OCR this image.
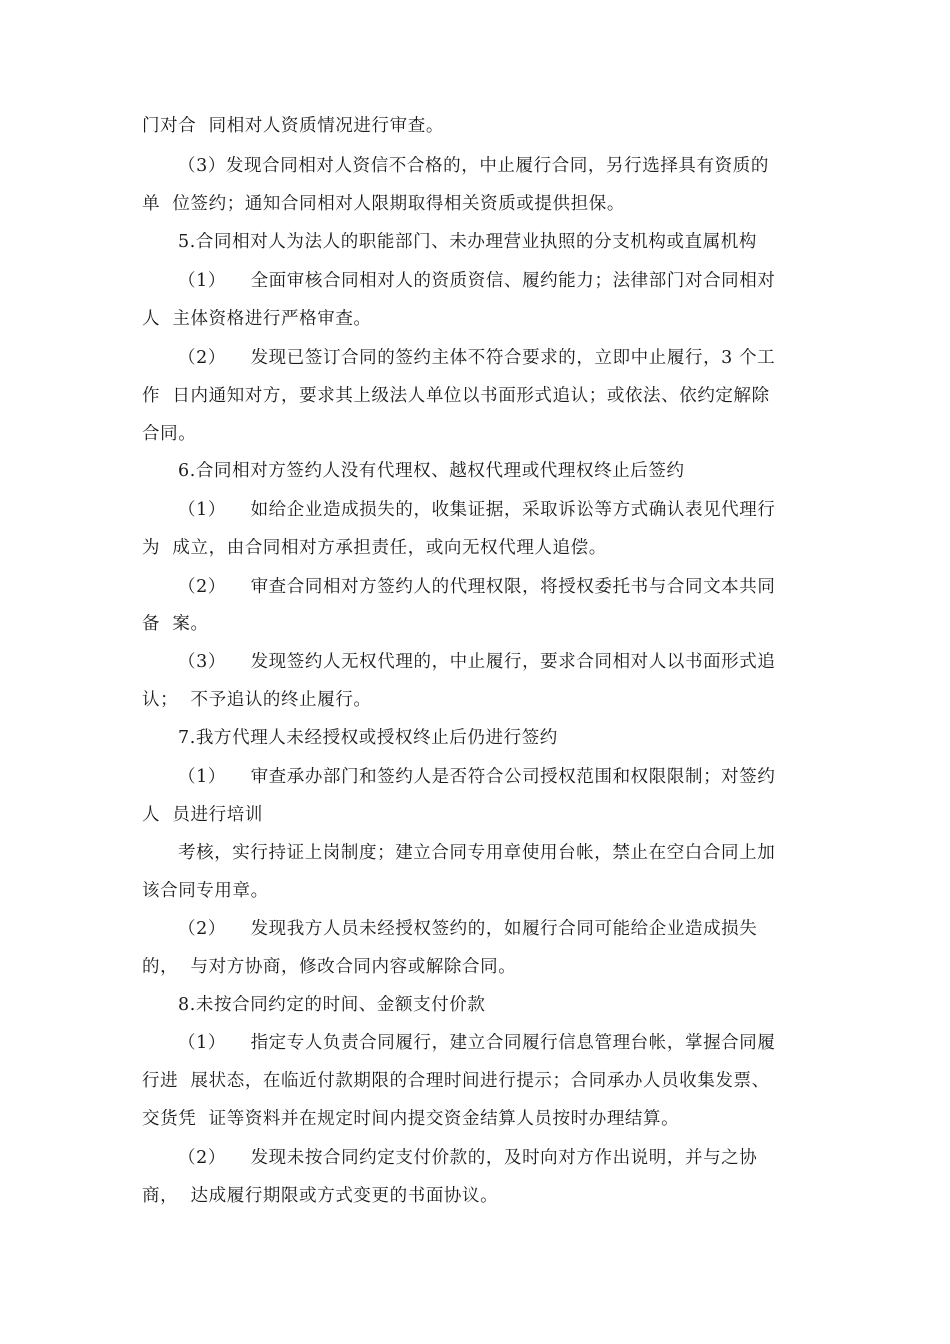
门对合  同相对人资质情况进行审查。
（3）发现合同相对人资信不合格的，中止履行合同，另行选择具有资质的
单  位签约；通知合同相对人限期取得相关资质或提供担保。
5.合同相对人为法人的职能部门、未办理营业执照的分支机构或直属机构
（1）    全面审核合同相对人的资质资信、履约能力；法律部门对合同相对
人  主体资格进行严格审查。
（2）    发现已签订合同的签约主体不符合要求的，立即中止履行，3 个工
作  日内通知对方，要求其上级法人单位以书面形式追认；或依法、依约定解除
合同。
6.合同相对方签约人没有代理权、越权代理或代理权终止后签约
（1）    如给企业造成损失的，收集证据，采取诉讼等方式确认表见代理行
为  成立，由合同相对方承担责任，或向无权代理人追偿。
（2）    审查合同相对方签约人的代理权限，将授权委托书与合同文本共同
备  案。
（3）    发现签约人无权代理的，中止履行，要求合同相对人以书面形式追
认；  不予追认的终止履行。
7.我方代理人未经授权或授权终止后仍进行签约
（1）    审查承办部门和签约人是否符合公司授权范围和权限限制；对签约
人  员进行培训
考核，实行持证上岗制度；建立合同专用章使用台帐，禁止在空白合同上加
该合同专用章。
（2）    发现我方人员未经授权签约的，如履行合同可能给企业造成损失
的，  与对方协商，修改合同内容或解除合同。
8.未按合同约定的时间、金额支付价款
（1）    指定专人负责合同履行，建立合同履行信息管理台帐，掌握合同履
行进  展状态，在临近付款期限的合理时间进行提示；合同承办人员收集发票、
交货凭  证等资料并在规定时间内提交资金结算人员按时办理结算。
（2）    发现未按合同约定支付价款的，及时向对方作出说明，并与之协
商，  达成履行期限或方式变更的书面协议。
